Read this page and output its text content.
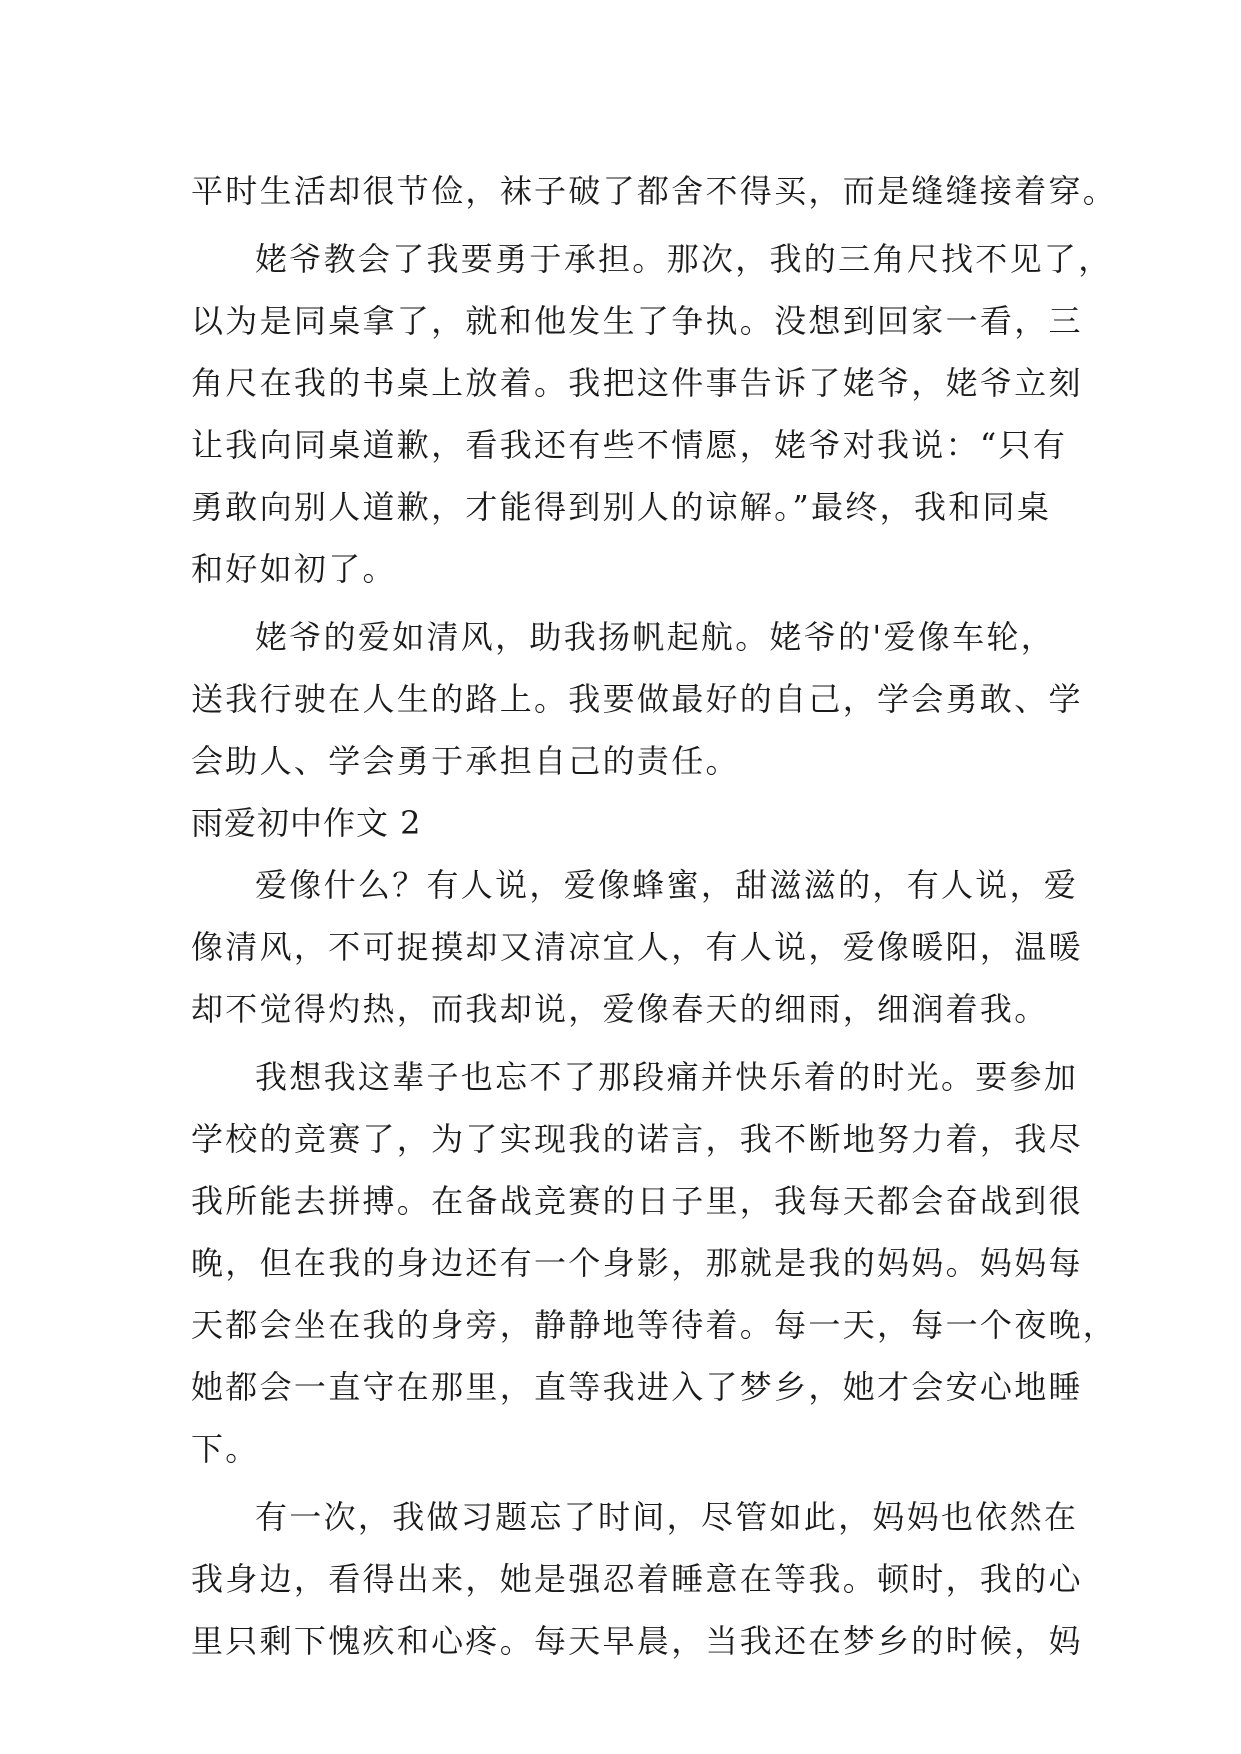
平时生活却很节俭，袜子破了都舍不得买，而是缝缝接着穿。
姥爷教会了我要勇于承担。那次，我的三角尺找不见了，
以为是同桌拿了，就和他发生了争执。没想到回家一看，三
角尺在我的书桌上放着。我把这件事告诉了姥爷，姥爷立刻
让我向同桌道歉，看我还有些不情愿，姥爷对我说：“只有
勇敢向别人道歉，才能得到别人的谅解。”最终，我和同桌
和好如初了。
姥爷的爱如清风，助我扬帆起航。姥爷的'爱像车轮，
送我行驶在人生的路上。我要做最好的自己，学会勇敢、学
会助人、学会勇于承担自己的责任。
雨爱初中作文 2
爱像什么？有人说，爱像蜂蜜，甜滋滋的，有人说，爱
像清风，不可捉摸却又清凉宜人，有人说，爱像暖阳，温暖
却不觉得灼热，而我却说，爱像春天的细雨，细润着我。
我想我这辈子也忘不了那段痛并快乐着的时光。要参加
学校的竞赛了，为了实现我的诺言，我不断地努力着，我尽
我所能去拼搏。在备战竞赛的日子里，我每天都会奋战到很
晚，但在我的身边还有一个身影，那就是我的妈妈。妈妈每
天都会坐在我的身旁，静静地等待着。每一天，每一个夜晚，
她都会一直守在那里，直等我进入了梦乡，她才会安心地睡
下。
有一次，我做习题忘了时间，尽管如此，妈妈也依然在
我身边，看得出来，她是强忍着睡意在等我。顿时，我的心
里只剩下愧疚和心疼。每天早晨，当我还在梦乡的时候，妈
